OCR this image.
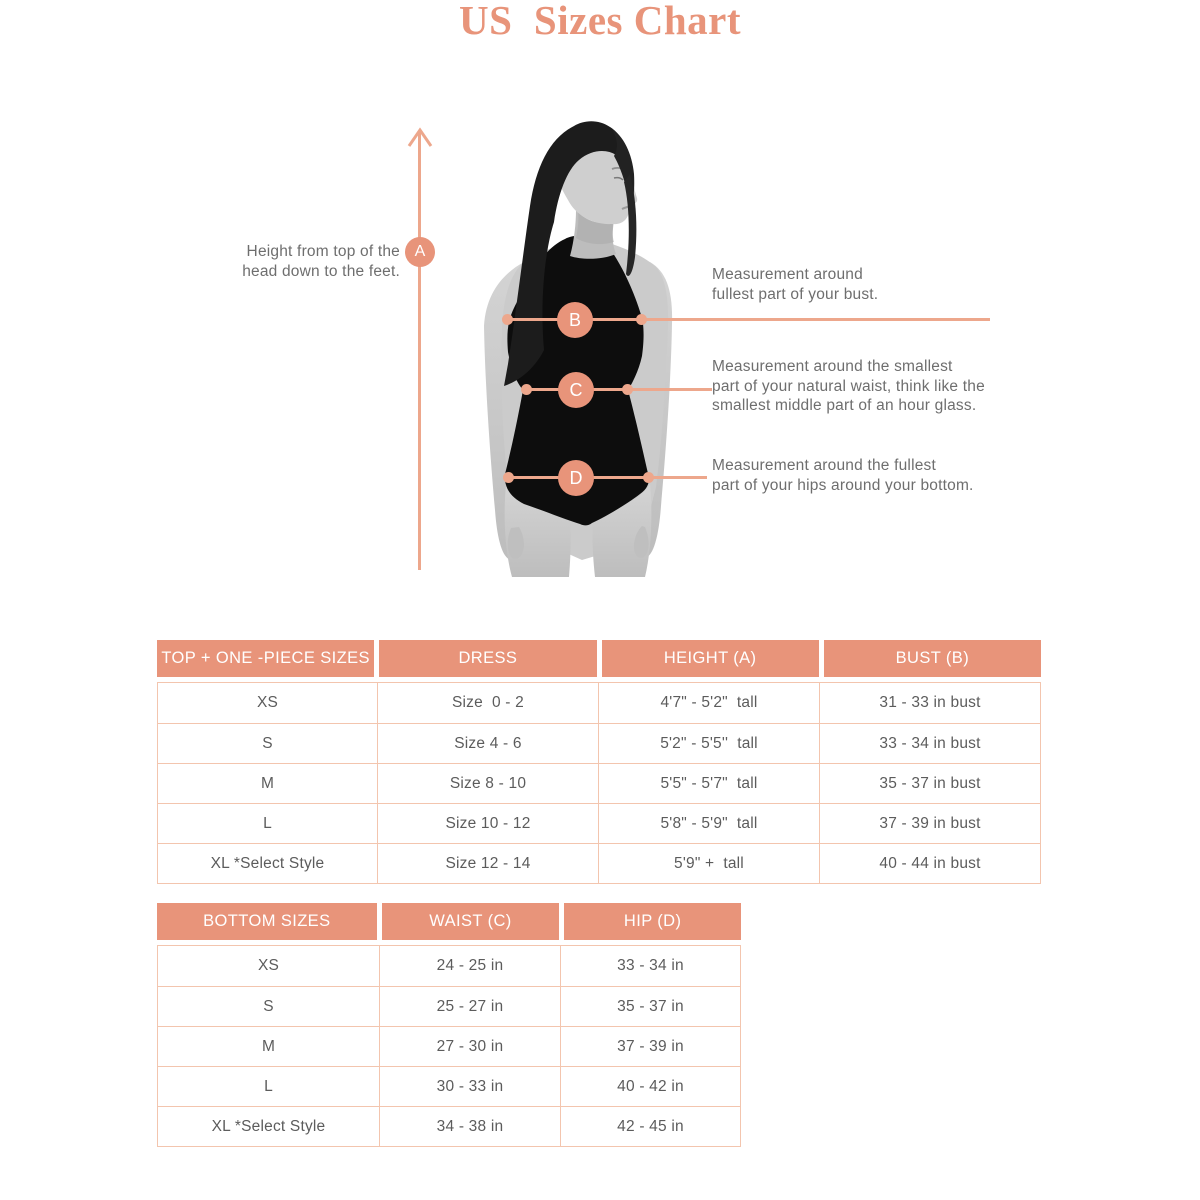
US  Sizes Chart
A
Height from top of the
head down to the feet.
B
Measurement around
fullest part of your bust.
C
Measurement around the smallest
part of your natural waist, think like the
smallest middle part of an hour glass.
D
Measurement around the fullest
part of your hips around your bottom.
TOP + ONE -PIECE SIZES	DRESS	HEIGHT (A)	BUST (B)
XS	Size  0 - 2	4'7" - 5'2"  tall	31 - 33 in bust
S	Size 4 - 6	5'2" - 5'5''  tall	33 - 34 in bust
M	Size 8 - 10	5'5" - 5'7"  tall	35 - 37 in bust
L	Size 10 - 12	5'8" - 5'9"  tall	37 - 39 in bust
XL *Select Style	Size 12 - 14	5'9" +  tall	40 - 44 in bust
BOTTOM SIZES	WAIST (C)	HIP (D)
XS	24 - 25 in	33 - 34 in
S	25 - 27 in	35 - 37 in
M	27 - 30 in	37 - 39 in
L	30 - 33 in	40 - 42 in
XL *Select Style	34 - 38 in	42 - 45 in
